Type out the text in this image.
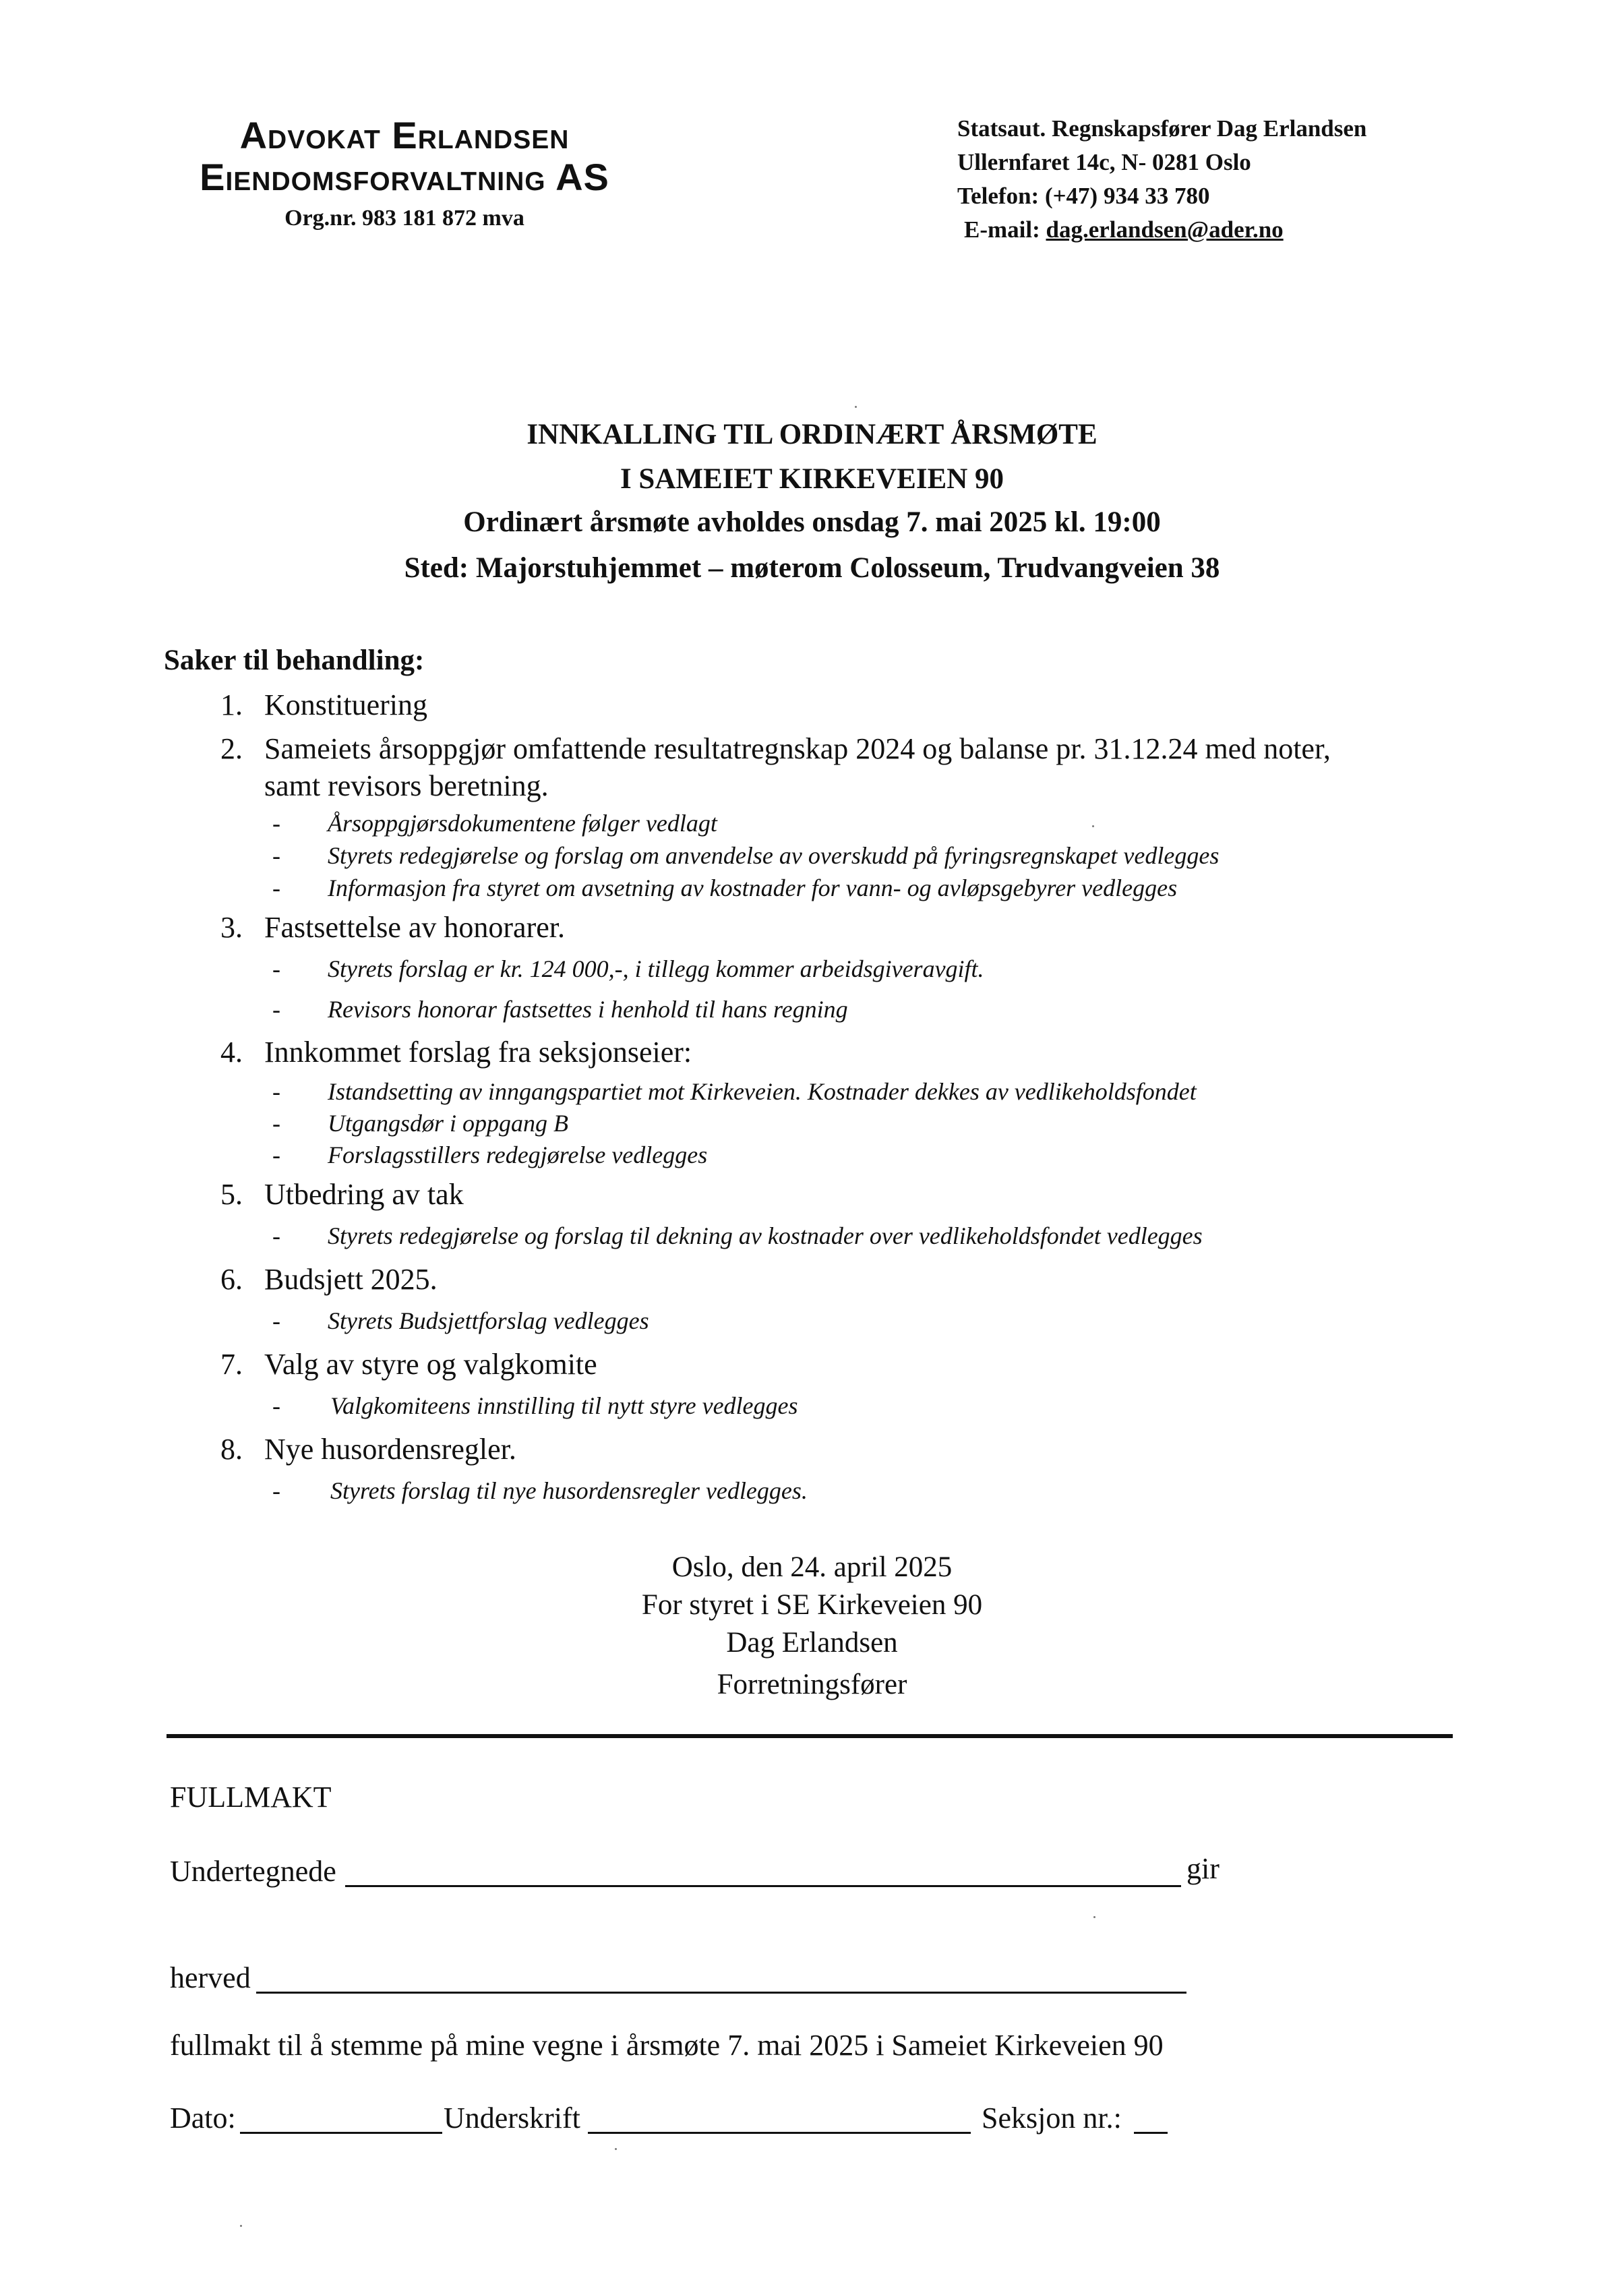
Advokat Erlandsen
Eiendomsforvaltning AS
Org.nr. 983 181 872 mva
Statsaut. Regnskapsfører Dag Erlandsen
Ullernfaret 14c, N- 0281 Oslo
Telefon: (+47) 934 33 780
E-mail: dag.erlandsen@ader.no
INNKALLING TIL ORDINÆRT ÅRSMØTE
I SAMEIET KIRKEVEIEN 90
Ordinært årsmøte avholdes onsdag 7. mai 2025 kl. 19:00
Sted: Majorstuhjemmet – møterom Colosseum, Trudvangveien 38
Saker til behandling:
1. Konstituering
2. Sameiets årsoppgjør omfattende resultatregnskap 2024 og balanse pr. 31.12.24 med noter,
samt revisors beretning.
- Årsoppgjørsdokumentene følger vedlagt
- Styrets redegjørelse og forslag om anvendelse av overskudd på fyringsregnskapet vedlegges
- Informasjon fra styret om avsetning av kostnader for vann- og avløpsgebyrer vedlegges
3. Fastsettelse av honorarer.
- Styrets forslag er kr. 124 000,-, i tillegg kommer arbeidsgiveravgift.
- Revisors honorar fastsettes i henhold til hans regning
4. Innkommet forslag fra seksjonseier:
- Istandsetting av inngangspartiet mot Kirkeveien. Kostnader dekkes av vedlikeholdsfondet
- Utgangsdør i oppgang B
- Forslagsstillers redegjørelse vedlegges
5. Utbedring av tak
- Styrets redegjørelse og forslag til dekning av kostnader over vedlikeholdsfondet vedlegges
6. Budsjett 2025.
- Styrets Budsjettforslag vedlegges
7. Valg av styre og valgkomite
- Valgkomiteens innstilling til nytt styre vedlegges
8. Nye husordensregler.
- Styrets forslag til nye husordensregler vedlegges.
Oslo, den 24. april 2025
For styret i SE Kirkeveien 90
Dag Erlandsen
Forretningsfører
FULLMAKT
Undertegnede	gir
herved
fullmakt til å stemme på mine vegne i årsmøte 7. mai 2025 i Sameiet Kirkeveien 90
Dato:	Underskrift	Seksjon nr.:
